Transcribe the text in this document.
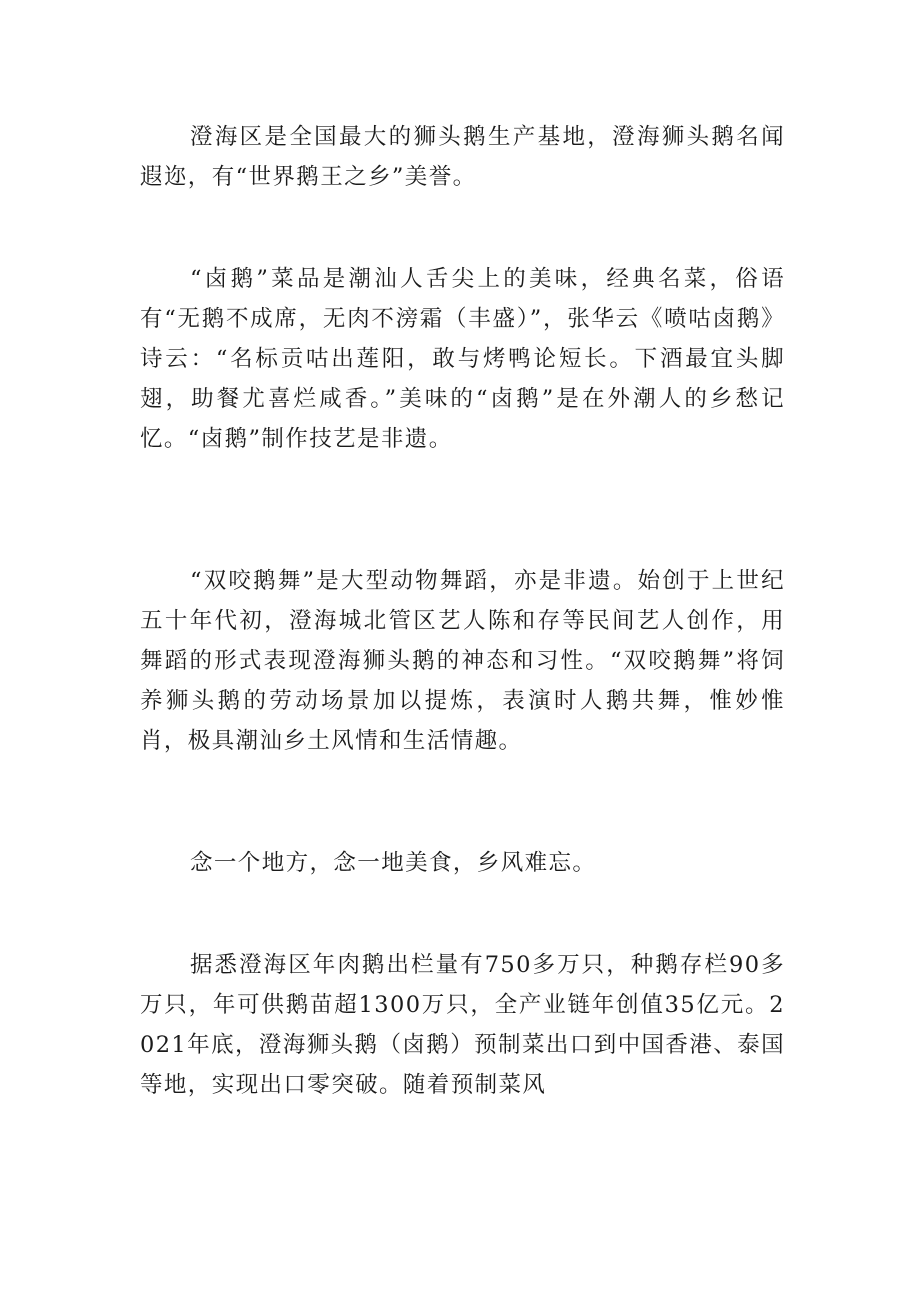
澄海区是全国最大的狮头鹅生产基地，澄海狮头鹅名闻遐迩，有“世界鹅王之乡”美誉。

“卤鹅”菜品是潮汕人舌尖上的美味，经典名菜，俗语有“无鹅不成席，无肉不滂霜（丰盛）”，张华云《喷咕卤鹅》诗云：“名标贡咕出莲阳，敢与烤鸭论短长。下酒最宜头脚翅，助餐尤喜烂咸香。”美味的“卤鹅”是在外潮人的乡愁记忆。“卤鹅”制作技艺是非遗。

“双咬鹅舞”是大型动物舞蹈，亦是非遗。始创于上世纪五十年代初，澄海城北管区艺人陈和存等民间艺人创作，用舞蹈的形式表现澄海狮头鹅的神态和习性。“双咬鹅舞”将饲养狮头鹅的劳动场景加以提炼，表演时人鹅共舞，惟妙惟肖，极具潮汕乡土风情和生活情趣。

念一个地方，念一地美食，乡风难忘。

据悉澄海区年肉鹅出栏量有750多万只，种鹅存栏90多万只，年可供鹅苗超1300万只，全产业链年创值35亿元。2021年底，澄海狮头鹅（卤鹅）预制菜出口到中国香港、泰国等地，实现出口零突破。随着预制菜风
